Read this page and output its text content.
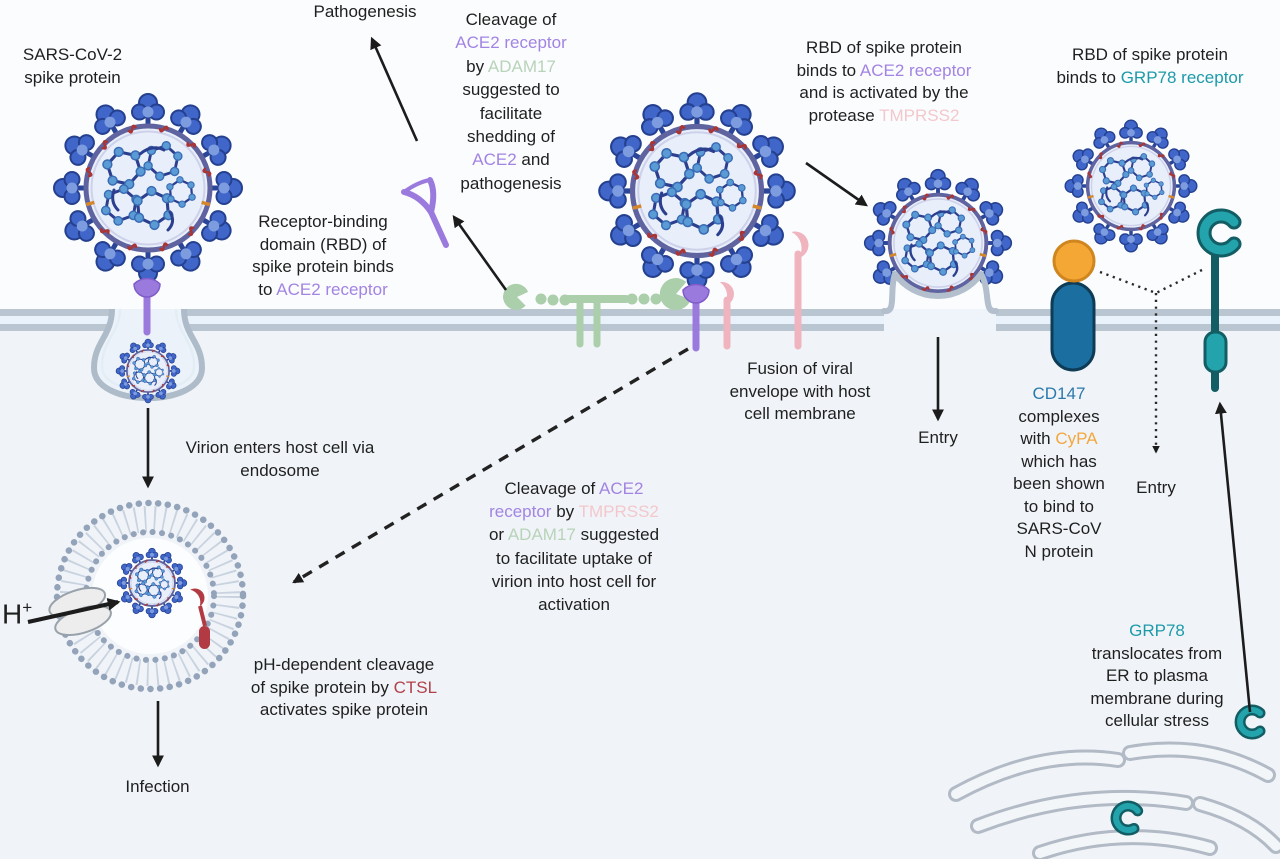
SARS-CoV-2
spike protein
Pathogenesis	Cleavage of
ACE2 receptor
by ADAM17
suggested to
facilitate
shedding of
ACE2 and
pathogenesis
RBD of spike protein
binds to ACE2 receptor
and is activated by the
protease TMPRSS2
RBD of spike protein
binds to GRP78 receptor
Receptor-binding
domain (RBD) of
spike protein binds
to ACE2 receptor
Virion enters host cell via
endosome
Fusion of viral
envelope with host
cell membrane
Entry
CD147
complexes
with CyPA
which has
been shown
to bind to
SARS-CoV
N protein
Cleavage of ACE2
receptor by TMPRSS2
or ADAM17 suggested
to facilitate uptake of
virion into host cell for
activation
Entry
pH-dependent cleavage
of spike protein by CTSL
activates spike protein
Infection
GRP78
translocates from
ER to plasma
membrane during
cellular stress
H+
